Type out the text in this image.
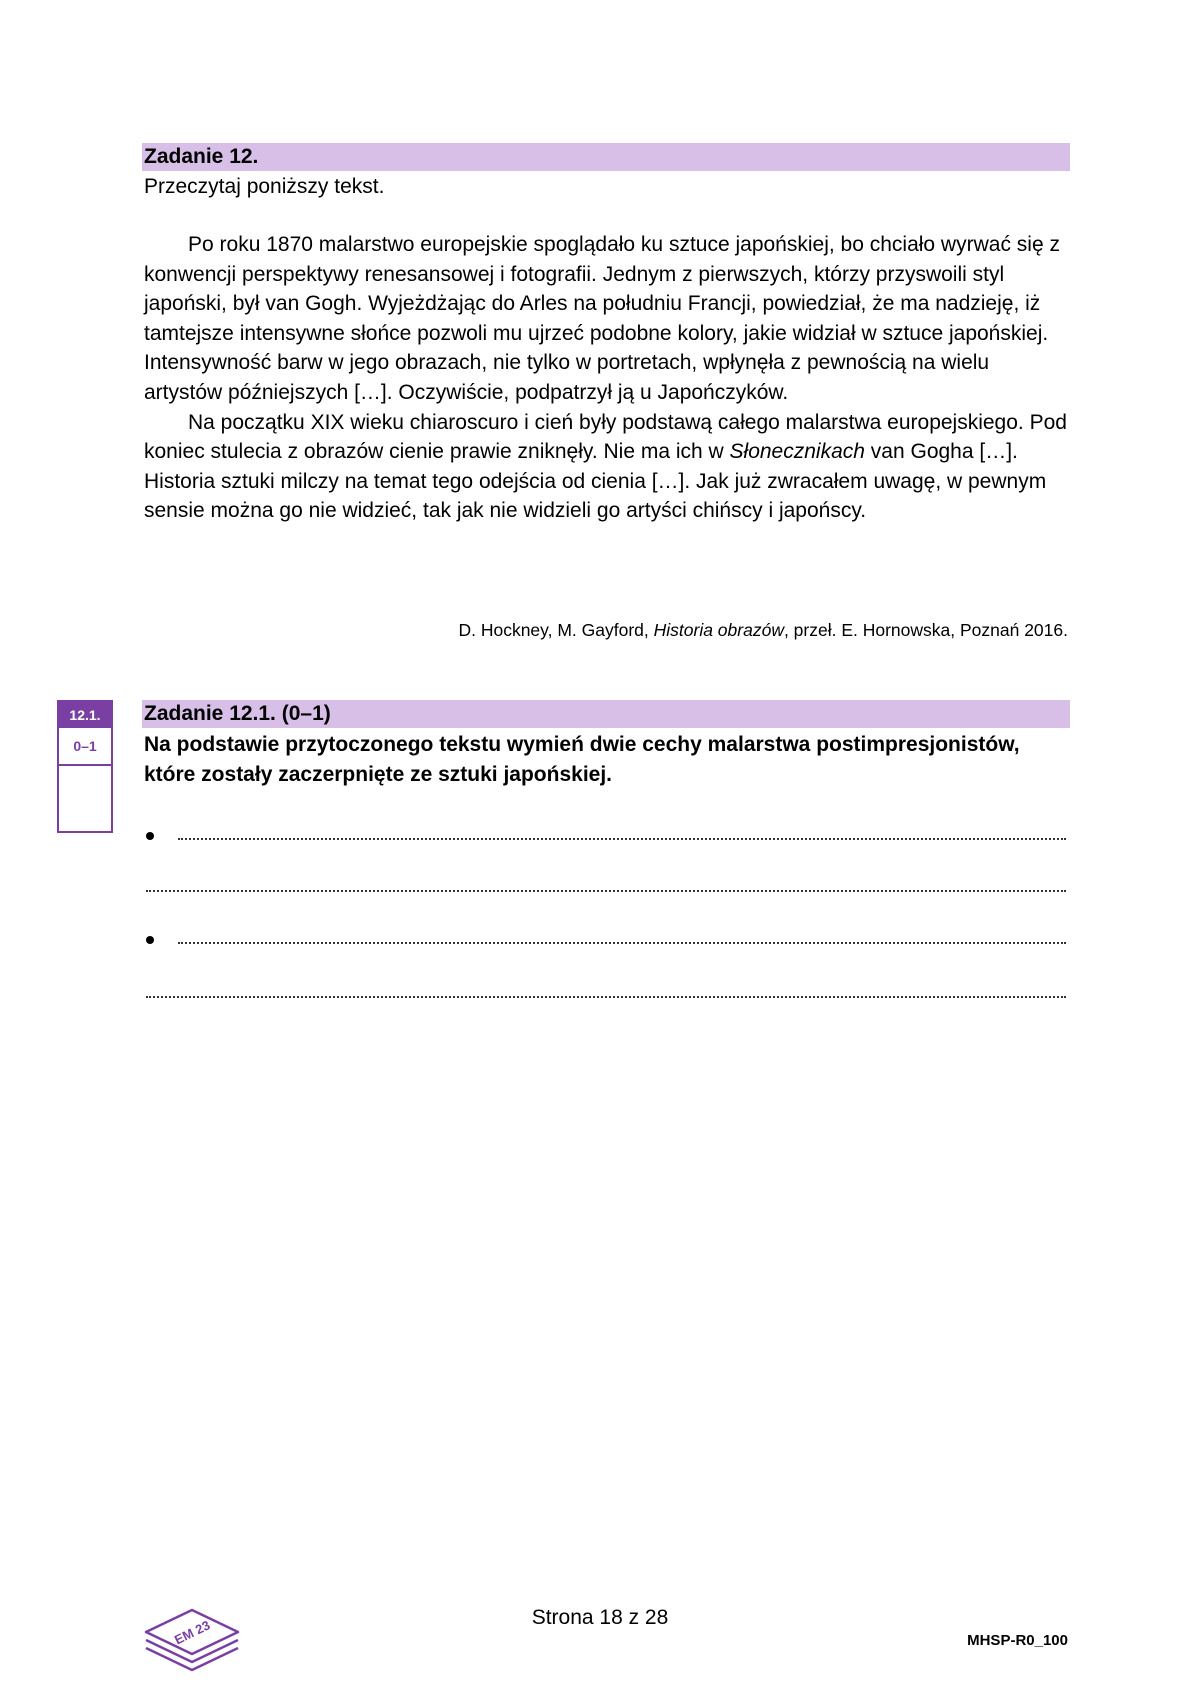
Zadanie 12.
Przeczytaj poniższy tekst.

Po roku 1870 malarstwo europejskie spoglądało ku sztuce japońskiej, bo chciało wyrwać się z konwencji perspektywy renesansowej i fotografii. Jednym z pierwszych, którzy przyswoili styl japoński, był van Gogh. Wyjeżdżając do Arles na południu Francji, powiedział, że ma nadzieję, iż tamtejsze intensywne słońce pozwoli mu ujrzeć podobne kolory, jakie widział w sztuce japońskiej. Intensywność barw w jego obrazach, nie tylko w portretach, wpłynęła z pewnością na wielu artystów późniejszych […]. Oczywiście, podpatrzył ją u Japończyków.

Na początku XIX wieku chiaroscuro i cień były podstawą całego malarstwa europejskiego. Pod koniec stulecia z obrazów cienie prawie zniknęły. Nie ma ich w Słonecznikach van Gogha […]. Historia sztuki milczy na temat tego odejścia od cienia […]. Jak już zwracałem uwagę, w pewnym sensie można go nie widzieć, tak jak nie widzieli go artyści chińscy i japońscy.

D. Hockney, M. Gayford, Historia obrazów, przeł. E. Hornowska, Poznań 2016.
12.1.
0–1
Zadanie 12.1. (0–1)
Na podstawie przytoczonego tekstu wymień dwie cechy malarstwa postimpresjonistów, które zostały zaczerpnięte ze sztuki japońskiej.
EM 23	Strona 18 z 28
MHSP-R0_100
